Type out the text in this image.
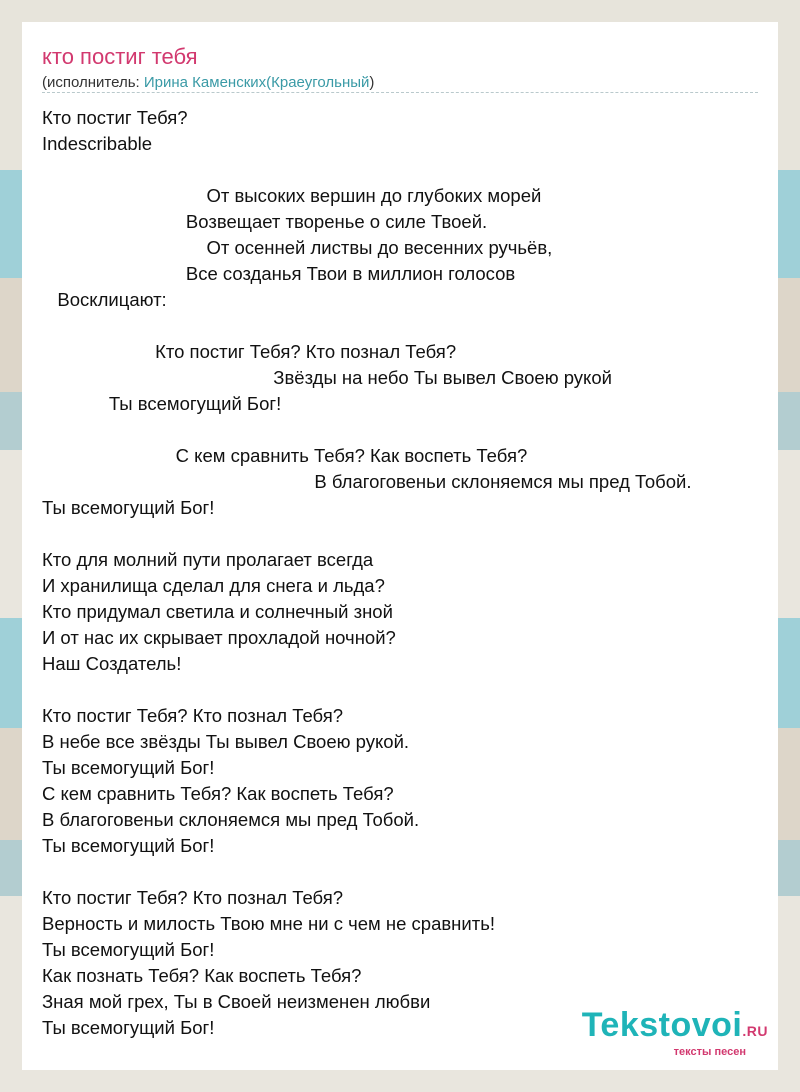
кто постиг тебя
(исполнитель: Ирина Каменских(Краеугольный)
Кто постиг Тебя?
Indescribable
От высоких вершин до глубоких морей
Возвещает творенье о силе Твоей.
От осенней листвы до весенних ручьёв,
Все созданья Твои в миллион голосов
Восклицают:
Кто постиг Тебя? Кто познал Тебя?
Звёзды на небо Ты вывел Своею рукой
Ты всемогущий Бог!
С кем сравнить Тебя? Как воспеть Тебя?
В благоговеньи склоняемся мы пред Тобой.
Ты всемогущий Бог!
Кто для молний пути пролагает всегда
И хранилища сделал для снега и льда?
Кто придумал светила и солнечный зной
И от нас их скрывает прохладой ночной?
Наш Создатель!
Кто постиг Тебя? Кто познал Тебя?
В небе все звёзды Ты вывел Своею рукой.
Ты всемогущий Бог!
С кем сравнить Тебя? Как воспеть Тебя?
В благоговеньи склоняемся мы пред Тобой.
Ты всемогущий Бог!
Кто постиг Тебя? Кто познал Тебя?
Верность и милость Твою мне ни с чем не сравнить!
Ты всемогущий Бог!
Как познать Тебя? Как воспеть Тебя?
Зная мой грех, Ты в Своей неизменен любви
Ты всемогущий Бог!	Tekstovoi.RU
тексты песен
